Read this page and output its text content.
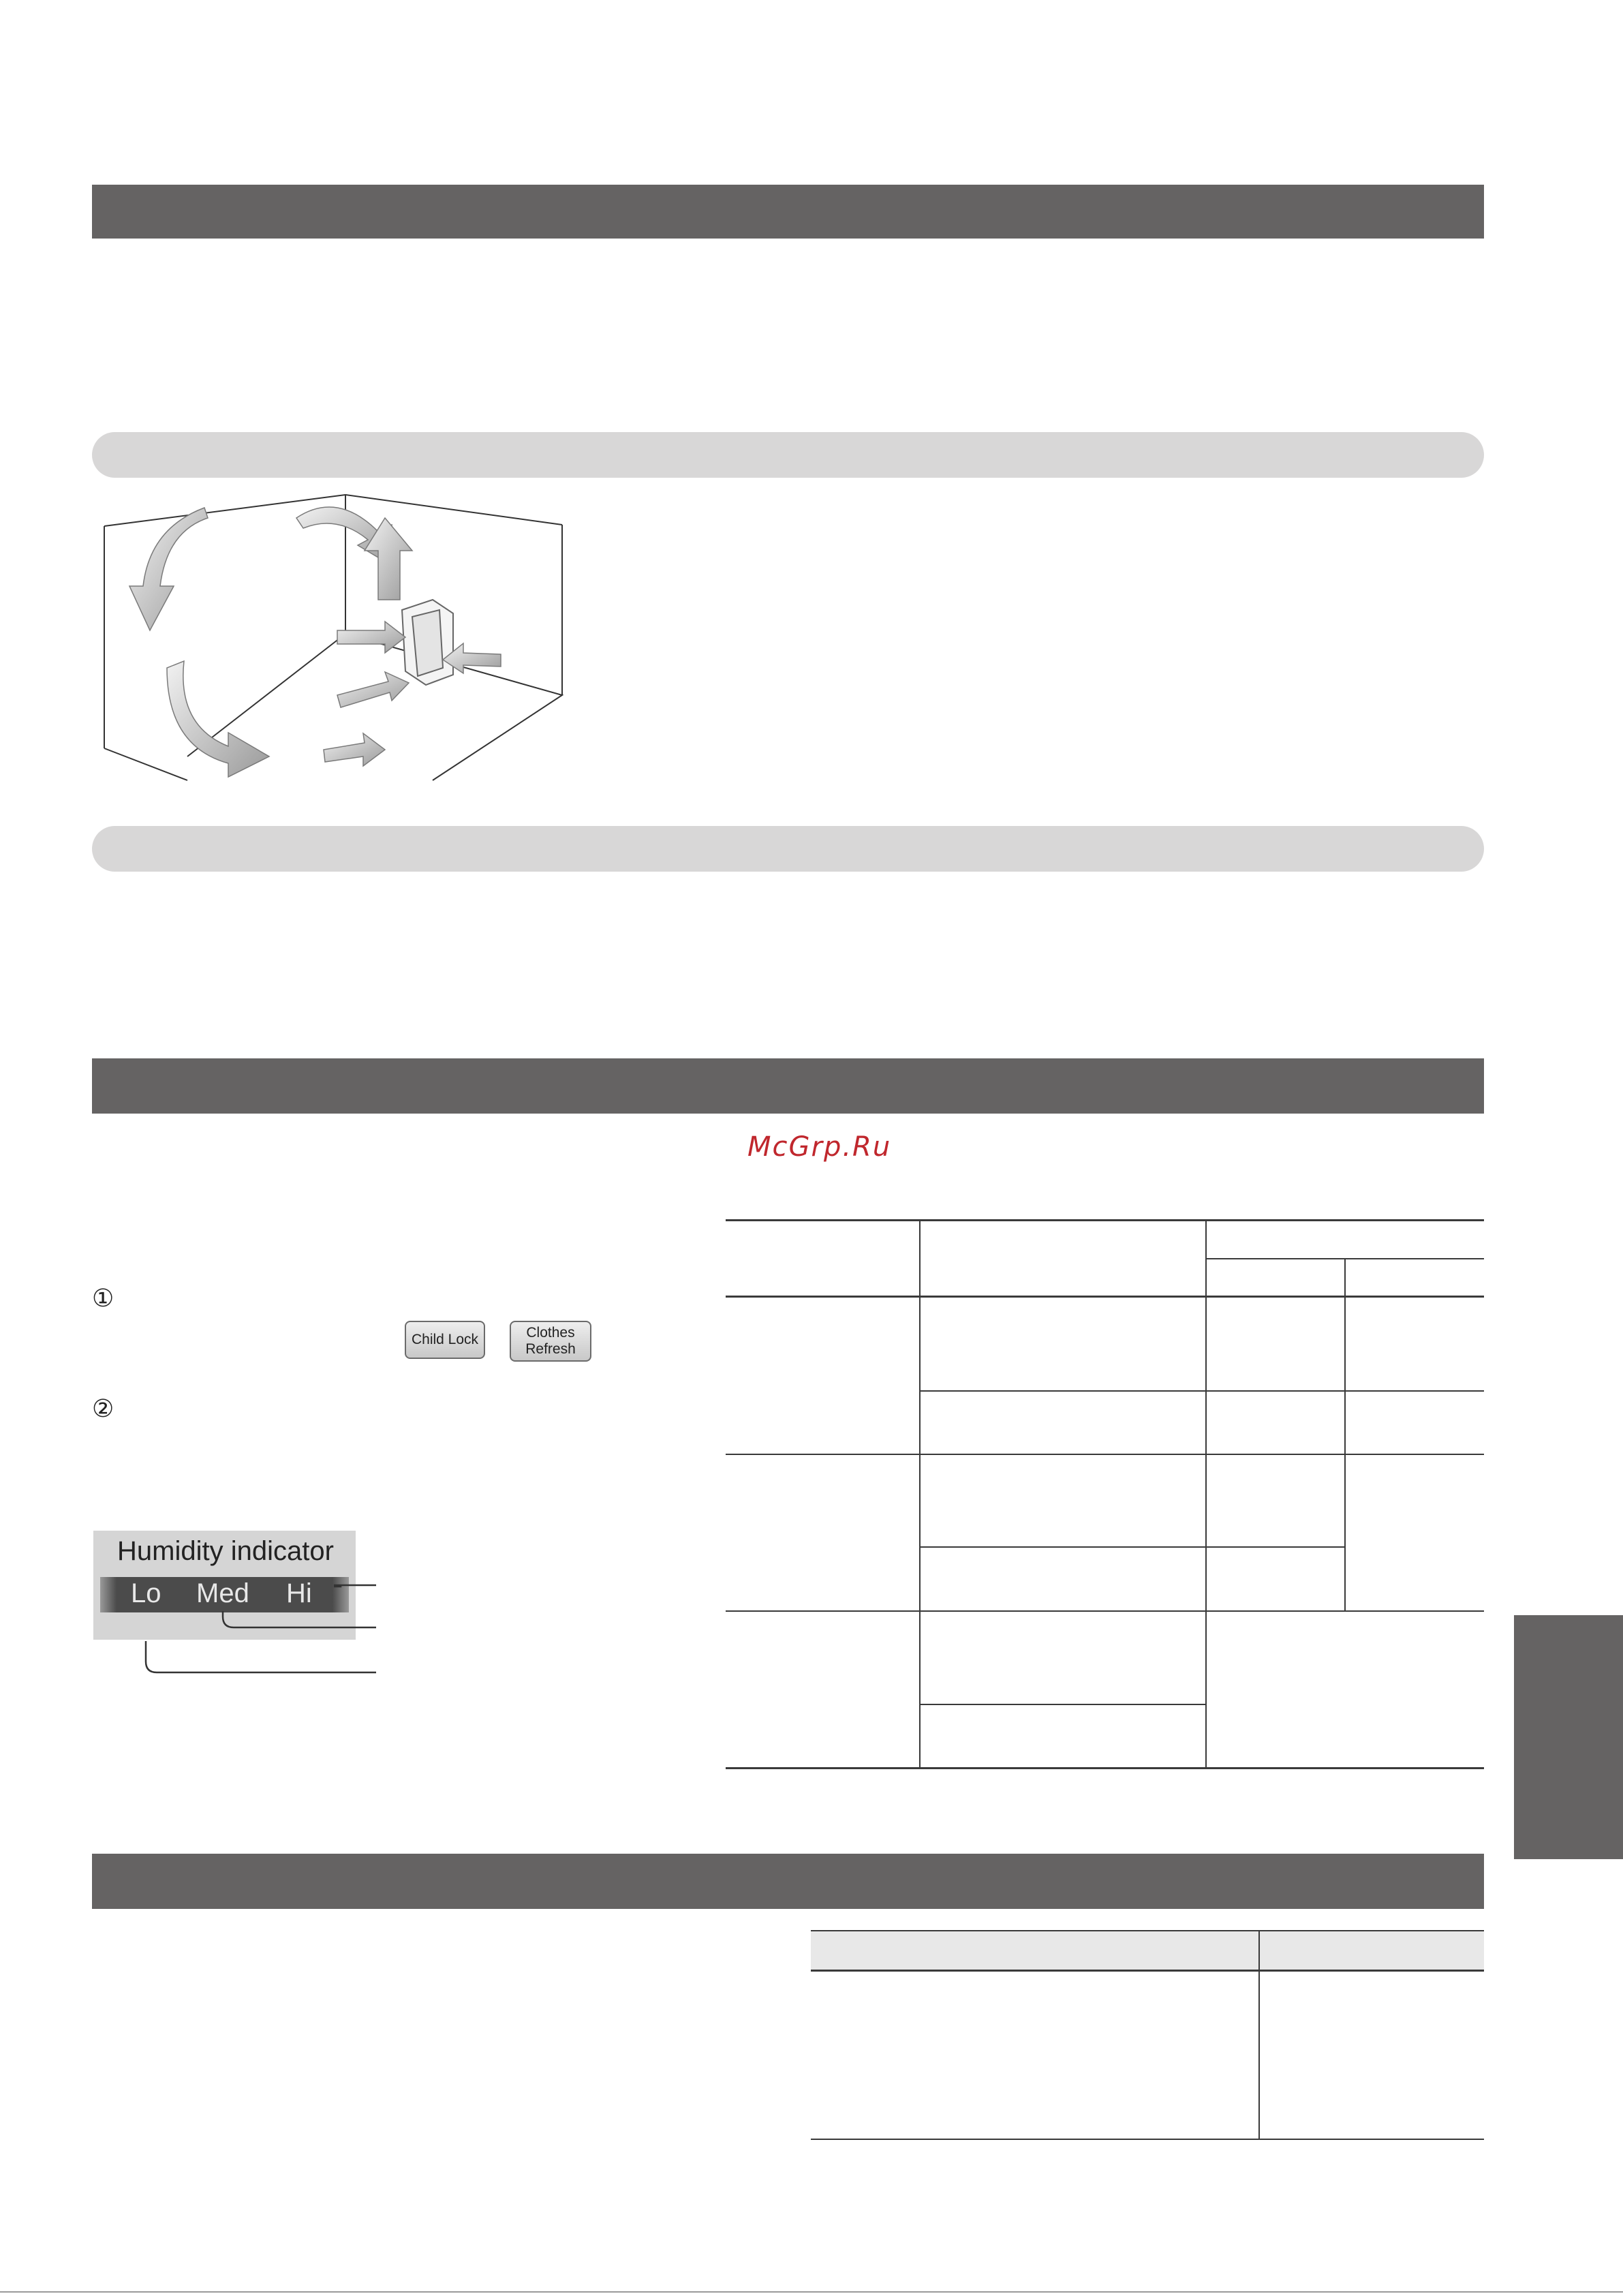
McGrp.Ru
①
Child Lock	Clothes
Refresh
②
Humidity indicator
Lo Med Hi
